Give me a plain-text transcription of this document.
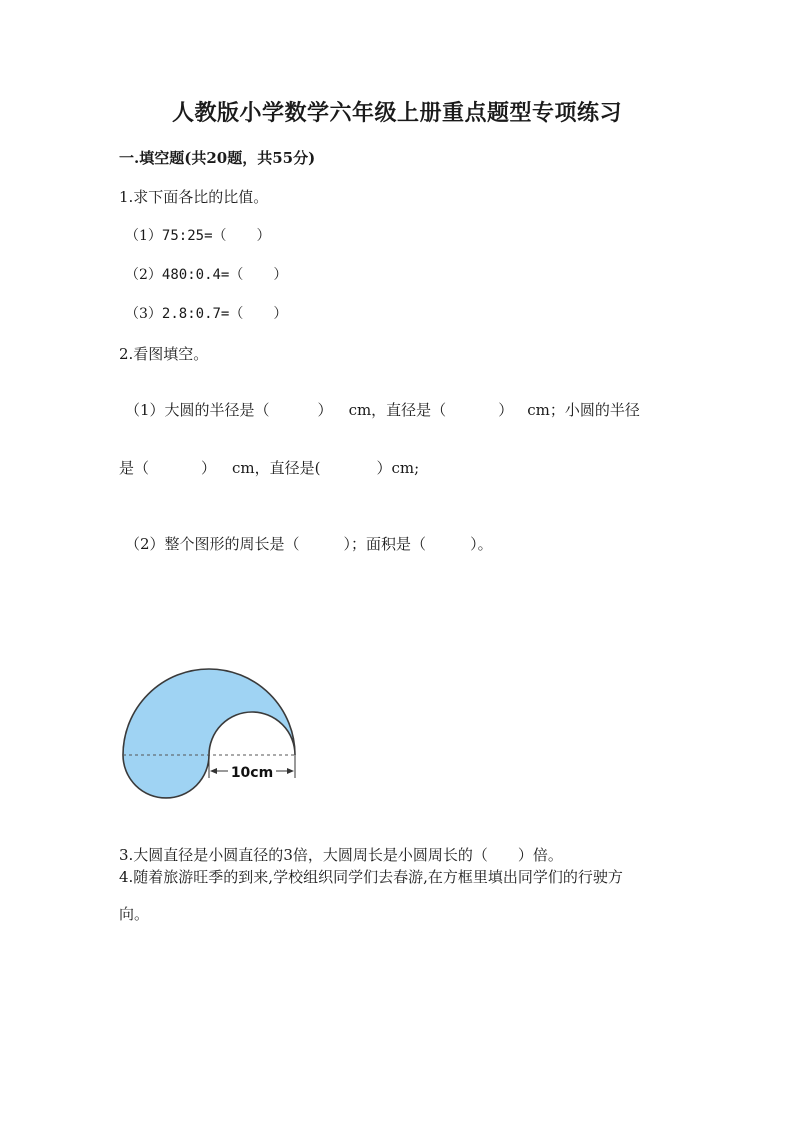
人教版小学数学六年级上册重点题型专项练习
一.填空题(共20题，共55分)
1.求下面各比的比值。
（1）75:25=（ ）
（2）480:0.4=（ ）
（3）2.8:0.7=（ ）
2.看图填空。
（1）大圆的半径是（	） cm，直径是（	） cm；小圆的半径
是（	） cm，直径是(	）cm;
（2）整个图形的周长是（	）；面积是（	）。
10cm
3.大圆直径是小圆直径的3倍，大圆周长是小圆周长的（　　）倍。
4.随着旅游旺季的到来,学校组织同学们去春游,在方框里填出同学们的行驶方
向。
